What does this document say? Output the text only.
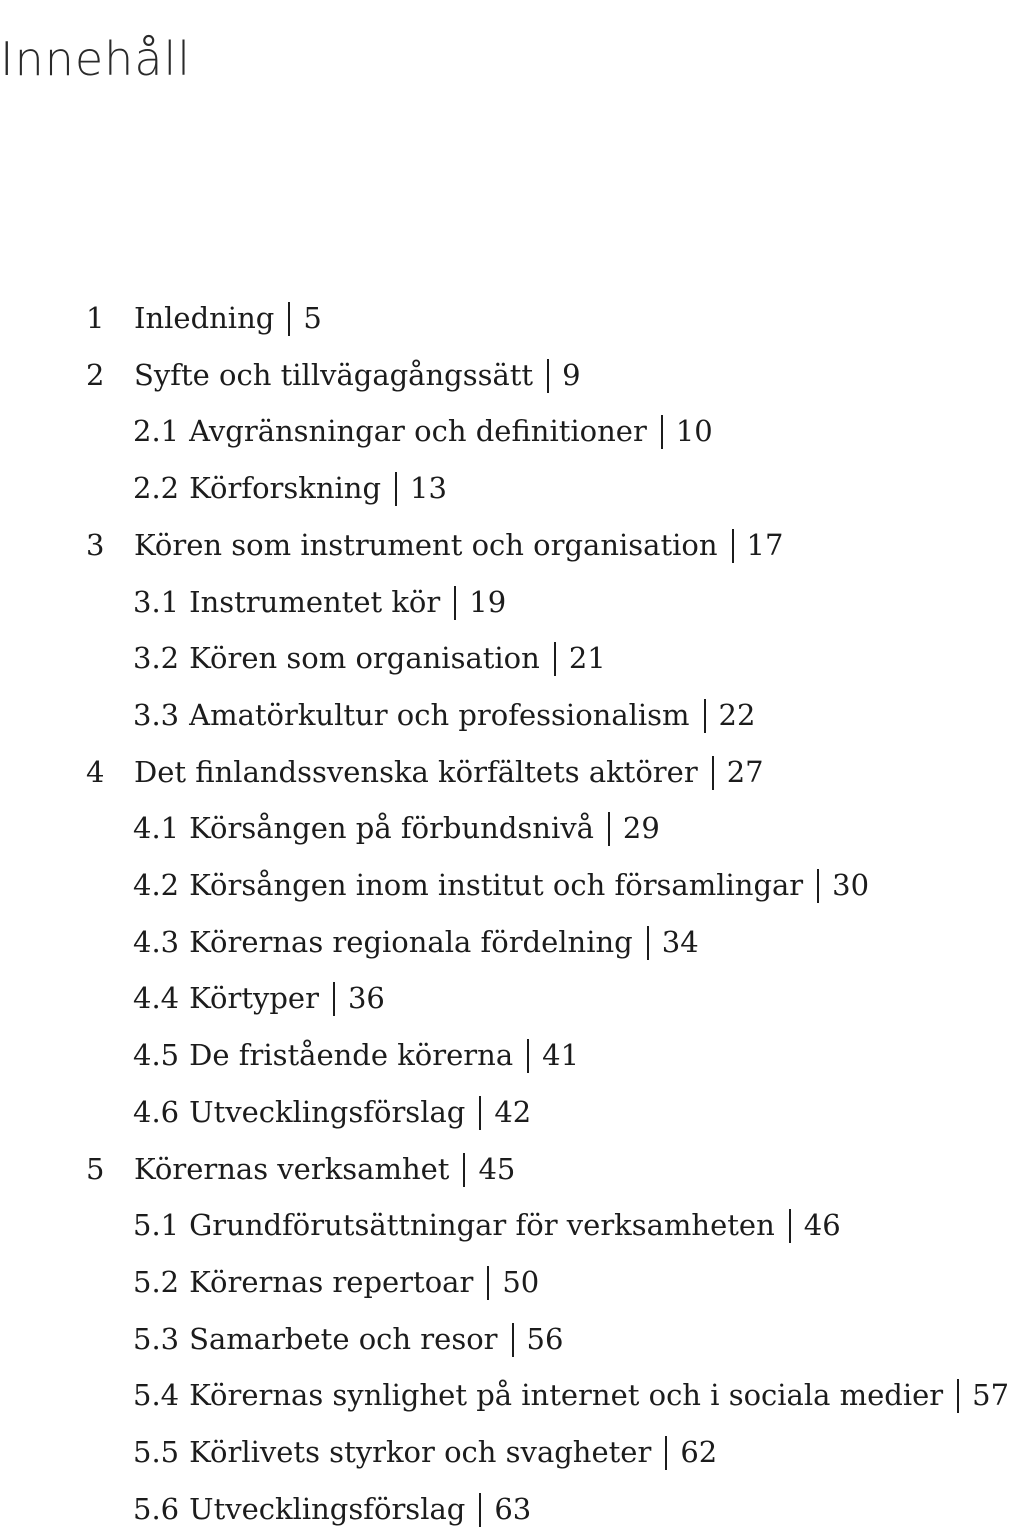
Innehåll
1 Inledning 5
2 Syfte och tillvägagångssätt 9
2.1 Avgränsningar och definitioner 10
2.2 Körforskning 13
3 Kören som instrument och organisation 17
3.1 Instrumentet kör 19
3.2 Kören som organisation 21
3.3 Amatörkultur och professionalism 22
4 Det finlandssvenska körfältets aktörer 27
4.1 Körsången på förbundsnivå 29
4.2 Körsången inom institut och församlingar 30
4.3 Körernas regionala fördelning 34
4.4 Körtyper 36
4.5 De fristående körerna 41
4.6 Utvecklingsförslag 42
5 Körernas verksamhet 45
5.1 Grundförutsättningar för verksamheten 46
5.2 Körernas repertoar 50
5.3 Samarbete och resor 56
5.4 Körernas synlighet på internet och i sociala medier 57
5.5 Körlivets styrkor och svagheter 62
5.6 Utvecklingsförslag 63
